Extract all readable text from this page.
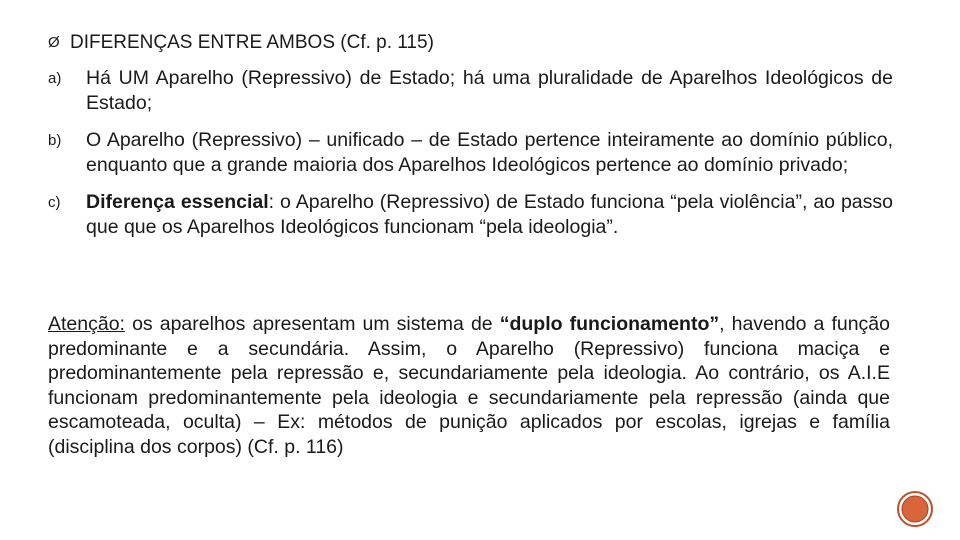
Ø DIFERENÇAS ENTRE AMBOS (Cf. p. 115)
a)	Há UM Aparelho (Repressivo) de Estado; há uma pluralidade de Aparelhos Ideológicos de Estado;
b)	O Aparelho (Repressivo) – unificado – de Estado pertence inteiramente ao domínio público, enquanto que a grande maioria dos Aparelhos Ideológicos pertence ao domínio privado;
c)	Diferença essencial: o Aparelho (Repressivo) de Estado funciona “pela violência”, ao passo que que os Aparelhos Ideológicos funcionam “pela ideologia”.
Atenção: os aparelhos apresentam um sistema de “duplo funcionamento”, havendo a função predominante e a secundária. Assim, o Aparelho (Repressivo) funciona maciça e predominantemente pela repressão e, secundariamente pela ideologia. Ao contrário, os A.I.E funcionam predominantemente pela ideologia e secundariamente pela repressão (ainda que escamoteada, oculta) – Ex: métodos de punição aplicados por escolas, igrejas e família (disciplina dos corpos) (Cf. p. 116)
